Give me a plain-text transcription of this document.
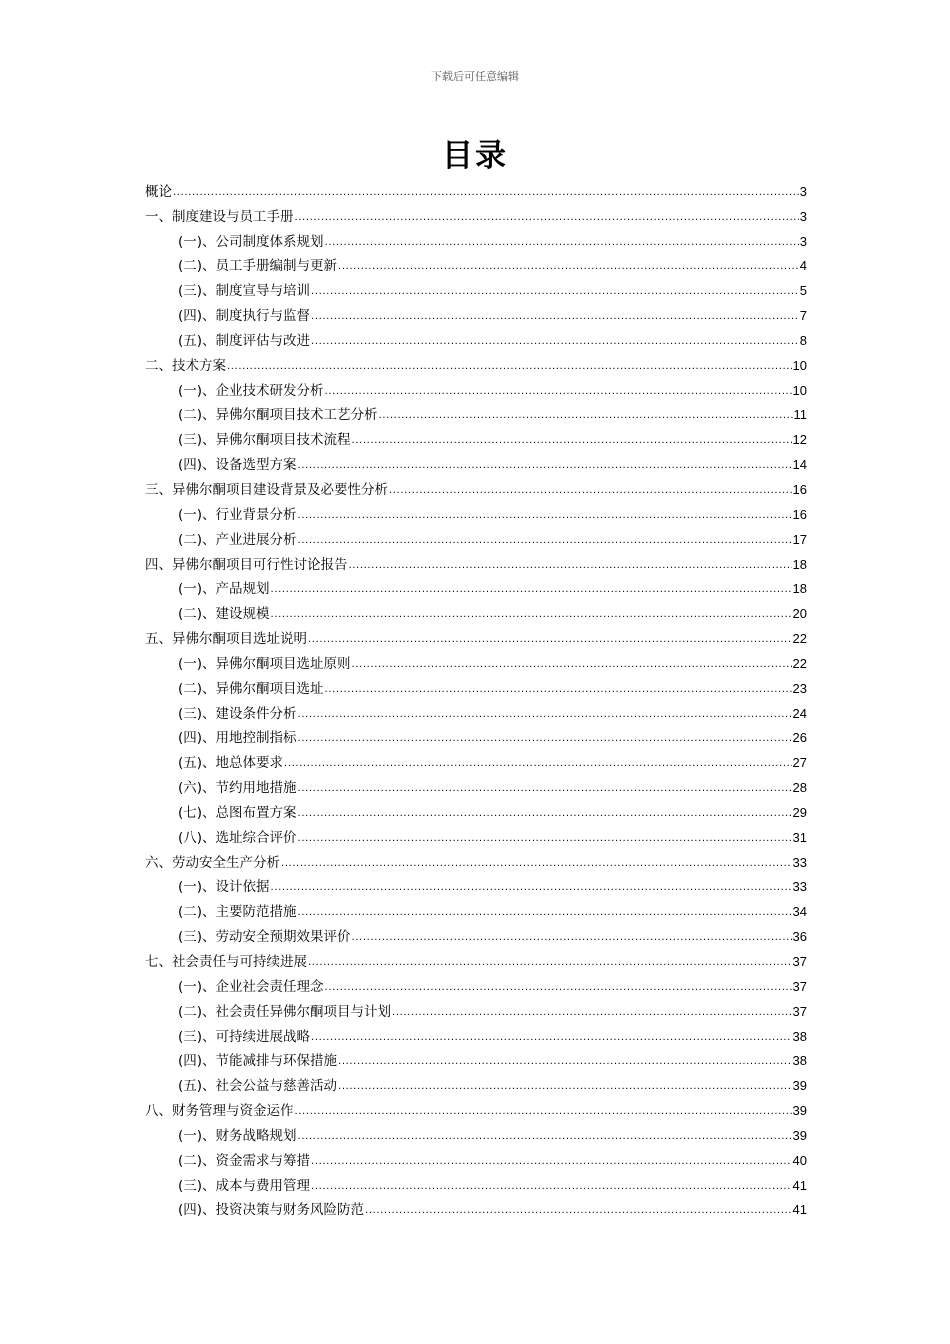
下载后可任意编辑
目录
概论 .....	3
一、制度建设与员工手册 .....	3
(一)、公司制度体系规划 .....	3
(二)、员工手册编制与更新 .....	4
(三)、制度宣导与培训 .....	5
(四)、制度执行与监督 .....	7
(五)、制度评估与改进 .....	8
二、技术方案 .....	10
(一)、企业技术研发分析 .....	10
(二)、异佛尔酮项目技术工艺分析 .....	11
(三)、异佛尔酮项目技术流程 .....	12
(四)、设备选型方案 .....	14
三、异佛尔酮项目建设背景及必要性分析 .....	16
(一)、行业背景分析 .....	16
(二)、产业进展分析 .....	17
四、异佛尔酮项目可行性讨论报告 .....	18
(一)、产品规划 .....	18
(二)、建设规模 .....	20
五、异佛尔酮项目选址说明 .....	22
(一)、异佛尔酮项目选址原则 .....	22
(二)、异佛尔酮项目选址 .....	23
(三)、建设条件分析 .....	24
(四)、用地控制指标 .....	26
(五)、地总体要求 .....	27
(六)、节约用地措施 .....	28
(七)、总图布置方案 .....	29
(八)、选址综合评价 .....	31
六、劳动安全生产分析 .....	33
(一)、设计依据 .....	33
(二)、主要防范措施 .....	34
(三)、劳动安全预期效果评价 .....	36
七、社会责任与可持续进展 .....	37
(一)、企业社会责任理念 .....	37
(二)、社会责任异佛尔酮项目与计划 .....	37
(三)、可持续进展战略 .....	38
(四)、节能减排与环保措施 .....	38
(五)、社会公益与慈善活动 .....	39
八、财务管理与资金运作 .....	39
(一)、财务战略规划 .....	39
(二)、资金需求与筹措 .....	40
(三)、成本与费用管理 .....	41
(四)、投资决策与财务风险防范 .....	41
